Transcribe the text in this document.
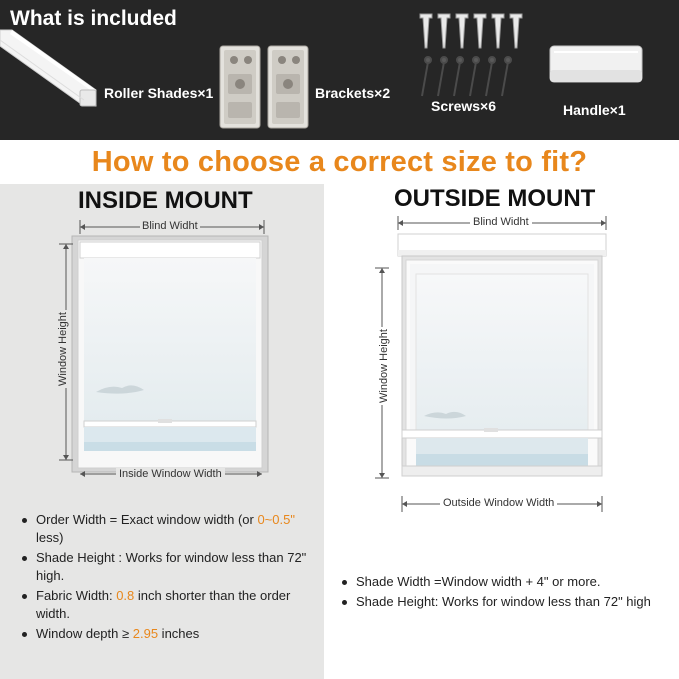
What is included
Roller Shades×1	Brackets×2
Screws×6	Handle×1
How to choose a correct size to fit?
INSIDE MOUNT
Blind Widht
Window Height
Inside Window Width
Order Width = Exact window width (or 0~0.5" less)
Shade Height : Works for window less than 72" high.
Fabric Width: 0.8 inch shorter than the order width.
Window depth ≥ 2.95 inches
OUTSIDE MOUNT
Blind Widht
Window Height
Outside Window Width
Shade Width =Window width + 4" or more.
Shade Height: Works for window less than 72" high
